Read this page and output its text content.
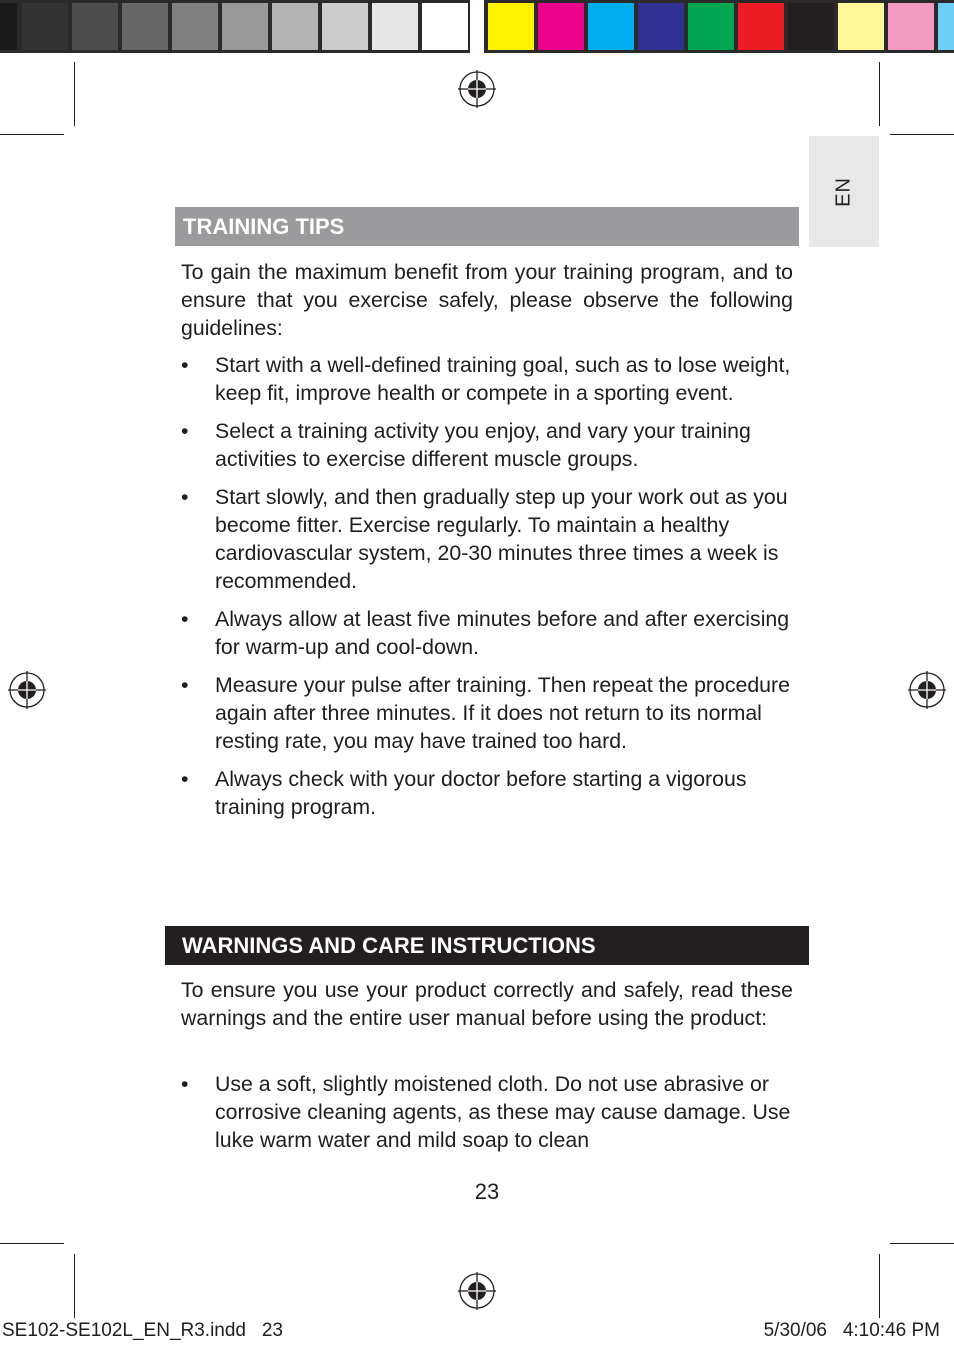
EN
TRAINING TIPS

To gain the maximum benefit from your training program, and to ensure that you exercise safely, please observe the following guidelines:

•	Start with a well-defined training goal, such as to lose weight, keep fit, improve health or compete in a sporting event.
•	Select a training activity you enjoy, and vary your training activities to exercise different muscle groups.
•	Start slowly, and then gradually step up your work out as you become fitter. Exercise regularly. To maintain a healthy cardiovascular system, 20-30 minutes three times a week is recommended.
•	Always allow at least five minutes before and after exercising for warm-up and cool-down.
•	Measure your pulse after training. Then repeat the procedure again after three minutes. If it does not return to its normal resting rate, you may have trained too hard.
•	Always check with your doctor before starting a vigorous training program.
WARNINGS AND CARE INSTRUCTIONS

To ensure you use your product correctly and safely, read these warnings and the entire user manual before using the product:

•	Use a soft, slightly moistened cloth. Do not use abrasive or corrosive cleaning agents, as these may cause damage. Use luke warm water and mild soap to clean
23
SE102-SE102L_EN_R3.indd   23	5/30/06   4:10:46 PM
